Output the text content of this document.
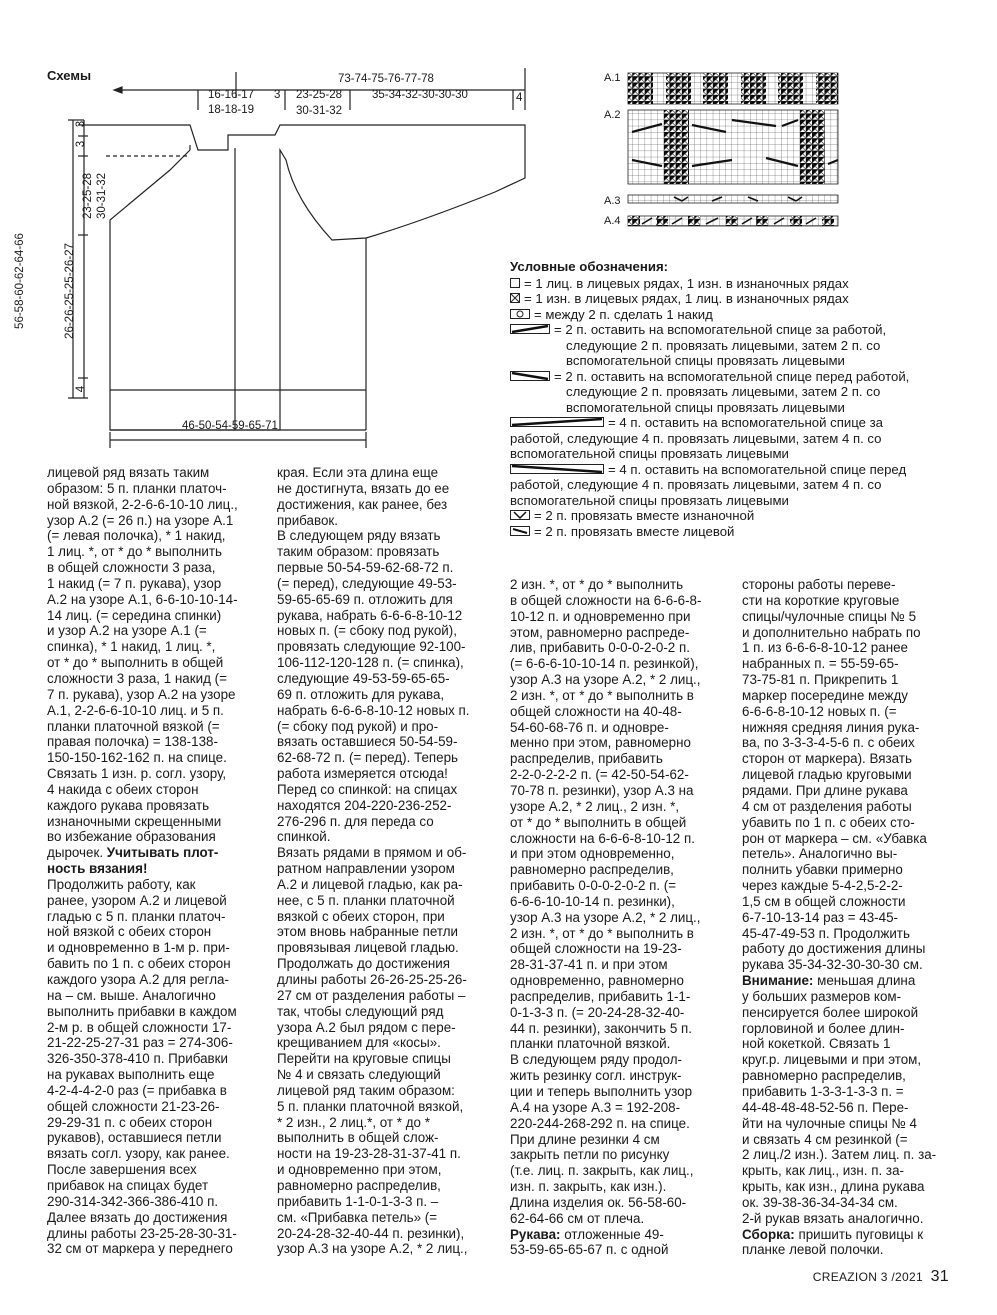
Схемы	73-74-75-76-77-78
16-16-17
18-18-19
3 23-25-28
30-31-32
35-34-32-30-30-30	4
56-58-60-62-64-66	26-26-25-25-26-27
23-25-28 30-31-32
3
3
4
46-50-54-59-65-71
A.1
A.2
A.3
A.4
Условные обозначения:
= 1 лиц. в лицевых рядах, 1 изн. в изнаночных рядах
= 1 изн. в лицевых рядах, 1 лиц. в изнаночных рядах
= между 2 п. сделать 1 накид
= 2 п. оставить на вспомогательной спице за работой,
следующие 2 п. провязать лицевыми, затем 2 п. со
вспомогательной спицы провязать лицевыми
= 2 п. оставить на вспомогательной спице перед работой,
следующие 2 п. провязать лицевыми, затем 2 п. со
вспомогательной спицы провязать лицевыми
= 4 п. оставить на вспомогательной спице за
работой, следующие 4 п. провязать лицевыми, затем 4 п. со
вспомогательной спицы провязать лицевыми
= 4 п. оставить на вспомогательной спице перед
работой, следующие 4 п. провязать лицевыми, затем 4 п. со
вспомогательной спицы провязать лицевыми
= 2 п. провязать вместе изнаночной
= 2 п. провязать вместе лицевой
лицевой ряд вязать таким
образом: 5 п. планки платоч-
ной вязкой, 2-2-6-6-10-10 лиц.,
узор А.2 (= 26 п.) на узоре А.1
(= левая полочка), * 1 накид,
1 лиц. *, от * до * выполнить
в общей сложности 3 раза,
1 накид (= 7 п. рукава), узор
А.2 на узоре А.1, 6-6-10-10-14-
14 лиц. (= середина спинки)
и узор А.2 на узоре А.1 (=
спинка), * 1 накид, 1 лиц. *,
от * до * выполнить в общей
сложности 3 раза, 1 накид (=
7 п. рукава), узор А.2 на узоре
А.1, 2-2-6-6-10-10 лиц. и 5 п.
планки платочной вязкой (=
правая полочка) = 138-138-
150-150-162-162 п. на спице.
Связать 1 изн. р. согл. узору,
4 накида с обеих сторон
каждого рукава провязать
изнаночными скрещенными
во избежание образования
дырочек. Учитывать плот-
ность вязания!
Продолжить работу, как
ранее, узором А.2 и лицевой
гладью с 5 п. планки платоч-
ной вязкой с обеих сторон
и одновременно в 1-м р. при-
бавить по 1 п. с обеих сторон
каждого узора А.2 для регла-
на – см. выше. Аналогично
выполнить прибавки в каждом
2-м р. в общей сложности 17-
21-22-25-27-31 раз = 274-306-
326-350-378-410 п. Прибавки
на рукавах выполнить еще
4-2-4-4-2-0 раз (= прибавка в
общей сложности 21-23-26-
29-29-31 п. с обеих сторон
рукавов), оставшиеся петли
вязать согл. узору, как ранее.
После завершения всех
прибавок на спицах будет
290-314-342-366-386-410 п.
Далее вязать до достижения
длины работы 23-25-28-30-31-
32 см от маркера у переднего
края. Если эта длина еще
не достигнута, вязать до ее
достижения, как ранее, без
прибавок.
В следующем ряду вязать
таким образом: провязать
первые 50-54-59-62-68-72 п.
(= перед), следующие 49-53-
59-65-65-69 п. отложить для
рукава, набрать 6-6-6-8-10-12
новых п. (= сбоку под рукой),
провязать следующие 92-100-
106-112-120-128 п. (= спинка),
следующие 49-53-59-65-65-
69 п. отложить для рукава,
набрать 6-6-6-8-10-12 новых п.
(= сбоку под рукой) и про-
вязать оставшиеся 50-54-59-
62-68-72 п. (= перед). Теперь
работа измеряется отсюда!
Перед со спинкой: на спицах
находятся 204-220-236-252-
276-296 п. для переда со
спинкой.
Вязать рядами в прямом и об-
ратном направлении узором
А.2 и лицевой гладью, как ра-
нее, с 5 п. планки платочной
вязкой с обеих сторон, при
этом вновь набранные петли
провязывая лицевой гладью.
Продолжать до достижения
длины работы 26-26-25-25-26-
27 см от разделения работы –
так, чтобы следующий ряд
узора А.2 был рядом с пере-
крещиванием для «косы».
Перейти на круговые спицы
№ 4 и связать следующий
лицевой ряд таким образом:
5 п. планки платочной вязкой,
* 2 изн., 2 лиц.*, от * до *
выполнить в общей слож-
ности на 19-23-28-31-37-41 п.
и одновременно при этом,
равномерно распределив,
прибавить 1-1-0-1-3-3 п. –
см. «Прибавка петель» (=
20-24-28-32-40-44 п. резинки),
узор А.3 на узоре А.2, * 2 лиц.,
2 изн. *, от * до * выполнить
в общей сложности на 6-6-6-8-
10-12 п. и одновременно при
этом, равномерно распреде-
лив, прибавить 0-0-0-2-0-2 п.
(= 6-6-6-10-10-14 п. резинкой),
узор А.3 на узоре А.2, * 2 лиц.,
2 изн. *, от * до * выполнить в
общей сложности на 40-48-
54-60-68-76 п. и одновре-
менно при этом, равномерно
распределив, прибавить
2-2-0-2-2-2 п. (= 42-50-54-62-
70-78 п. резинки), узор А.3 на
узоре А.2, * 2 лиц., 2 изн. *,
от * до * выполнить в общей
сложности на 6-6-6-8-10-12 п.
и при этом одновременно,
равномерно распределив,
прибавить 0-0-0-2-0-2 п. (=
6-6-6-10-10-14 п. резинки),
узор А.3 на узоре А.2, * 2 лиц.,
2 изн. *, от * до * выполнить в
общей сложности на 19-23-
28-31-37-41 п. и при этом
одновременно, равномерно
распределив, прибавить 1-1-
0-1-3-3 п. (= 20-24-28-32-40-
44 п. резинки), закончить 5 п.
планки платочной вязкой.
В следующем ряду продол-
жить резинку согл. инструк-
ции и теперь выполнить узор
А.4 на узоре А.3 = 192-208-
220-244-268-292 п. на спице.
При длине резинки 4 см
закрыть петли по рисунку
(т.е. лиц. п. закрыть, как лиц.,
изн. п. закрыть, как изн.).
Длина изделия ок. 56-58-60-
62-64-66 см от плеча.
Рукава: отложенные 49-
53-59-65-65-67 п. с одной
стороны работы переве-
сти на короткие круговые
спицы/чулочные спицы № 5
и дополнительно набрать по
1 п. из 6-6-6-8-10-12 ранее
набранных п. = 55-59-65-
73-75-81 п. Прикрепить 1
маркер посередине между
6-6-6-8-10-12 новых п. (=
нижняя средняя линия рука-
ва, по 3-3-3-4-5-6 п. с обеих
сторон от маркера). Вязать
лицевой гладью круговыми
рядами. При длине рукава
4 см от разделения работы
убавить по 1 п. с обеих сто-
рон от маркера – см. «Убавка
петель». Аналогично вы-
полнить убавки примерно
через каждые 5-4-2,5-2-2-
1,5 см в общей сложности
6-7-10-13-14 раз = 43-45-
45-47-49-53 п. Продолжить
работу до достижения длины
рукава 35-34-32-30-30-30 см.
Внимание: меньшая длина
у больших размеров ком-
пенсируется более широкой
горловиной и более длин-
ной кокеткой. Связать 1
круг.р. лицевыми и при этом,
равномерно распределив,
прибавить 1-3-3-1-3-3 п. =
44-48-48-48-52-56 п. Пере-
йти на чулочные спицы № 4
и связать 4 см резинкой (=
2 лиц./2 изн.). Затем лиц. п. за-
крыть, как лиц., изн. п. за-
крыть, как изн., длина рукава
ок. 39-38-36-34-34-34 см.
2-й рукав вязать аналогично.
Сборка: пришить пуговицы к
планке левой полочки.
CREAZION 3 /2021 31
